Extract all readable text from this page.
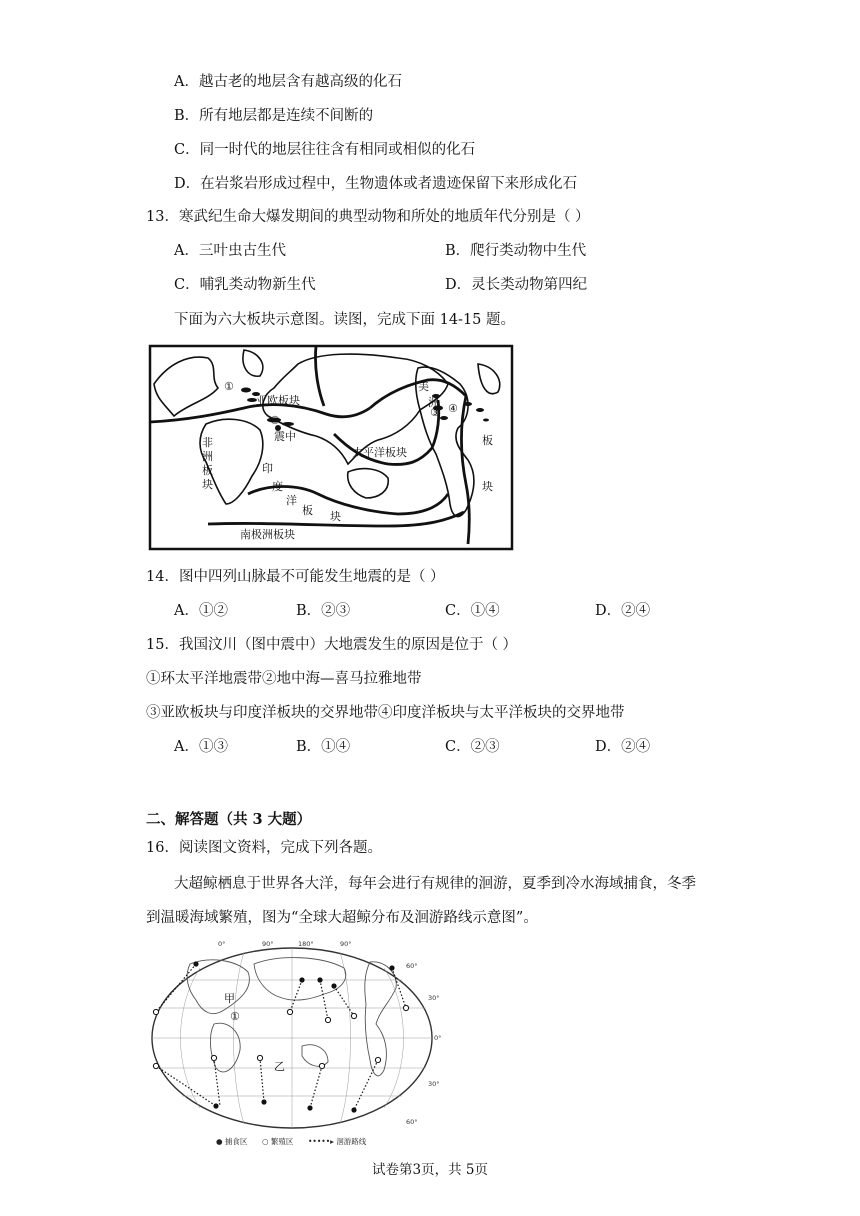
A．越古老的地层含有越高级的化石
B．所有地层都是连续不间断的
C．同一时代的地层往往含有相同或相似的化石
D．在岩浆岩形成过程中，生物遗体或者遗迹保留下来形成化石
13．寒武纪生命大爆发期间的典型动物和所处的地质年代分别是（ ）
A．三叶虫古生代	B．爬行类动物中生代
C．哺乳类动物新生代	D．灵长类动物第四纪
下面为六大板块示意图。读图，完成下面 14-15 题。
亚欧板块
①
②
震中
非
洲
板
块
印
度
洋
板 块
太平洋板块
美
洲 ④
③
板
块
南极洲板块
14．图中四列山脉最不可能发生地震的是（ ）
A．①②	B．②③	C．①④	D．②④
15．我国汶川（图中震中）大地震发生的原因是位于（ ）
①环太平洋地震带②地中海—喜马拉雅地带
③亚欧板块与印度洋板块的交界地带④印度洋板块与太平洋板块的交界地带
A．①③	B．①④	C．②③	D．②④
二、解答题（共 3 大题）
16．阅读图文资料，完成下列各题。
大超鲸栖息于世界各大洋，每年会进行有规律的洄游，夏季到冷水海域捕食，冬季
到温暖海域繁殖，图为“全球大超鲸分布及洄游路线示意图”。
0°	90°	180°	90°
60°
30°
0°
30°
60°
甲
①
乙
● 捕食区 ○ 繁殖区 •••••▸ 洄游路线
试卷第3页，共 5页
